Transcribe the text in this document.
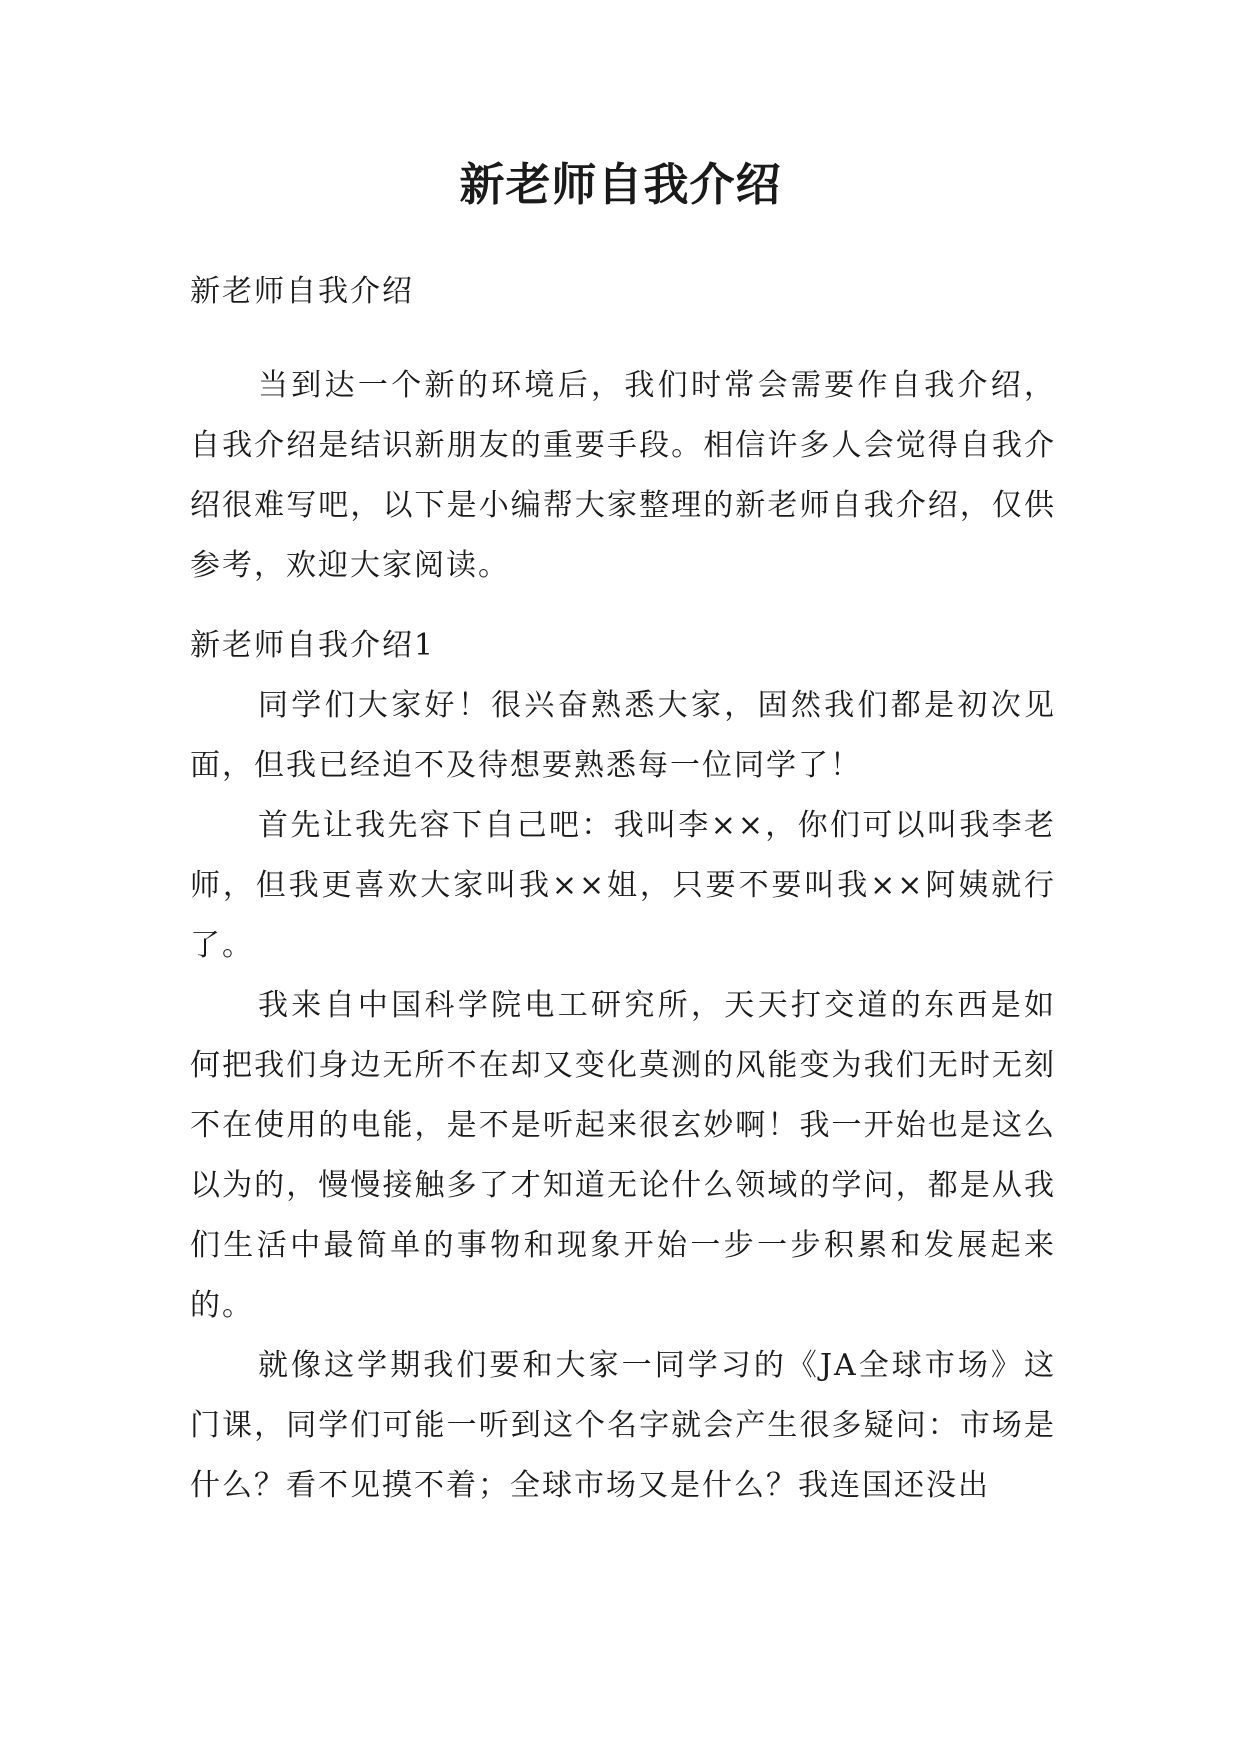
新老师自我介绍

新老师自我介绍

当到达一个新的环境后，我们时常会需要作自我介绍，自我介绍是结识新朋友的重要手段。相信许多人会觉得自我介绍很难写吧，以下是小编帮大家整理的新老师自我介绍，仅供参考，欢迎大家阅读。

新老师自我介绍1

同学们大家好！很兴奋熟悉大家，固然我们都是初次见面，但我已经迫不及待想要熟悉每一位同学了！

首先让我先容下自己吧：我叫李××，你们可以叫我李老师，但我更喜欢大家叫我××姐，只要不要叫我××阿姨就行了。

我来自中国科学院电工研究所，天天打交道的东西是如何把我们身边无所不在却又变化莫测的风能变为我们无时无刻不在使用的电能，是不是听起来很玄妙啊！我一开始也是这么以为的，慢慢接触多了才知道无论什么领域的学问，都是从我们生活中最简单的事物和现象开始一步一步积累和发展起来的。

就像这学期我们要和大家一同学习的《JA全球市场》这门课，同学们可能一听到这个名字就会产生很多疑问：市场是什么？看不见摸不着；全球市场又是什么？我连国还没出
